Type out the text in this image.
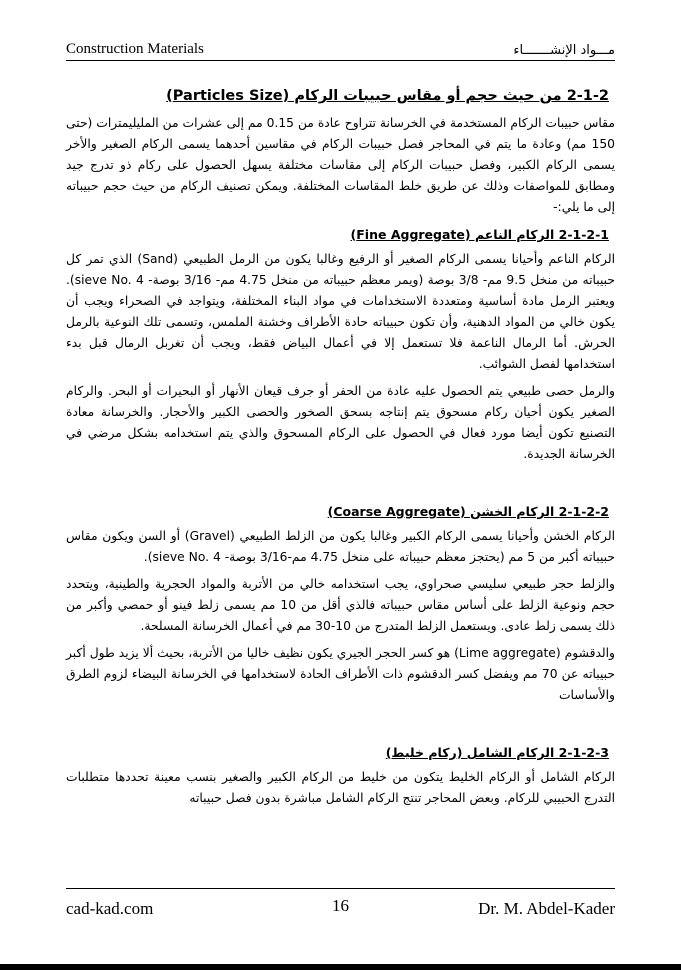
Construction Materials	مـــواد الإنشـــــــاء
2-1-2 من حيث حجم أو مقاس حبيبات الركام (Particles Size)

مقاس حبيبات الركام المستخدمة في الخرسانة تتراوح عادة من 0.15 مم إلى عشرات من المليليمترات (حتى 150 مم) وعادة ما يتم في المحاجر فصل حبيبات الركام في مقاسين أحدهما يسمى الركام الصغير والأخر يسمى الركام الكبير، وفصل حبيبات الركام إلى مقاسات مختلفة يسهل الحصول على ركام ذو تدرج جيد ومطابق للمواصفات وذلك عن طريق خلط المقاسات المختلفة. ويمكن تصنيف الركام من حيث حجم حبيباته إلى ما يلي:-

2-1-2-1 الركام الناعم (Fine Aggregate)

الركام الناعم وأحيانا يسمى الركام الصغير أو الرفيع وغالبا يكون من الرمل الطبيعي (Sand) الذي تمر كل حبيباته من منخل 9.5 مم- 3/8 بوصة (ويمر معظم حبيباته من منخل 4.75 مم- 3/16 بوصة- sieve No. 4). ويعتبر الرمل مادة أساسية ومتعددة الاستخدامات في مواد البناء المختلفة، ويتواجد في الصحراء ويجب أن يكون خالي من المواد الدهنية، وأن تكون حبيباته حادة الأطراف وخشنة الملمس، وتسمى تلك النوعية بالرمل الحرش. أما الرمال الناعمة فلا تستعمل إلا في أعمال البياض فقط، ويجب أن تغربل الرمال قبل بدء استخدامها لفصل الشوائب.

والرمل حصى طبيعي يتم الحصول عليه عادة من الحفر أو جرف قيعان الأنهار أو البحيرات أو البحر. والركام الصغير يكون أحيان ركام مسحوق يتم إنتاجه بسحق الصخور والحصى الكبير والأحجار. والخرسانة معادة التصنيع تكون أيضا مورد فعال في الحصول على الركام المسحوق والذي يتم استخدامه بشكل مرضي في الخرسانة الجديدة.

2-1-2-2 الركام الخشن (Coarse Aggregate)

الركام الخشن وأحيانا يسمى الركام الكبير وغالبا يكون من الزلط الطبيعي (Gravel) أو السن ويكون مقاس حبيباته أكبر من 5 مم (يحتجز معظم حبيباته على منخل 4.75 مم-3/16 بوصة- sieve No. 4).

والزلط حجر طبيعي سليسي صحراوي، يجب استخدامه خالي من الأتربة والمواد الحجرية والطينية، ويتحدد حجم ونوعية الزلط على أساس مقاس حبيباته فالذي أقل من 10 مم يسمى زلط فينو أو حمصي وأكبر من ذلك يسمى زلط عادى. ويستعمل الزلط المتدرج من 10-30 مم في أعمال الخرسانة المسلحة.

والدقشوم (Lime aggregate) هو كسر الحجر الجيري يكون نظيف خاليا من الأتربة، بحيث ألا يزيد طول أكبر حبيباته عن 70 مم ويفضل كسر الدقشوم ذات الأطراف الحادة لاستخدامها في الخرسانة البيضاء لزوم الطرق والأساسات

2-1-2-3 الركام الشامل (ركام خليط)

الركام الشامل أو الركام الخليط يتكون من خليط من الركام الكبير والصغير بنسب معينة تحددها متطلبات التدرج الحبيبي للركام. وبعض المحاجر تنتج الركام الشامل مباشرة بدون فصل حبيباته

cad-kad.com	16	Dr. M. Abdel-Kader
